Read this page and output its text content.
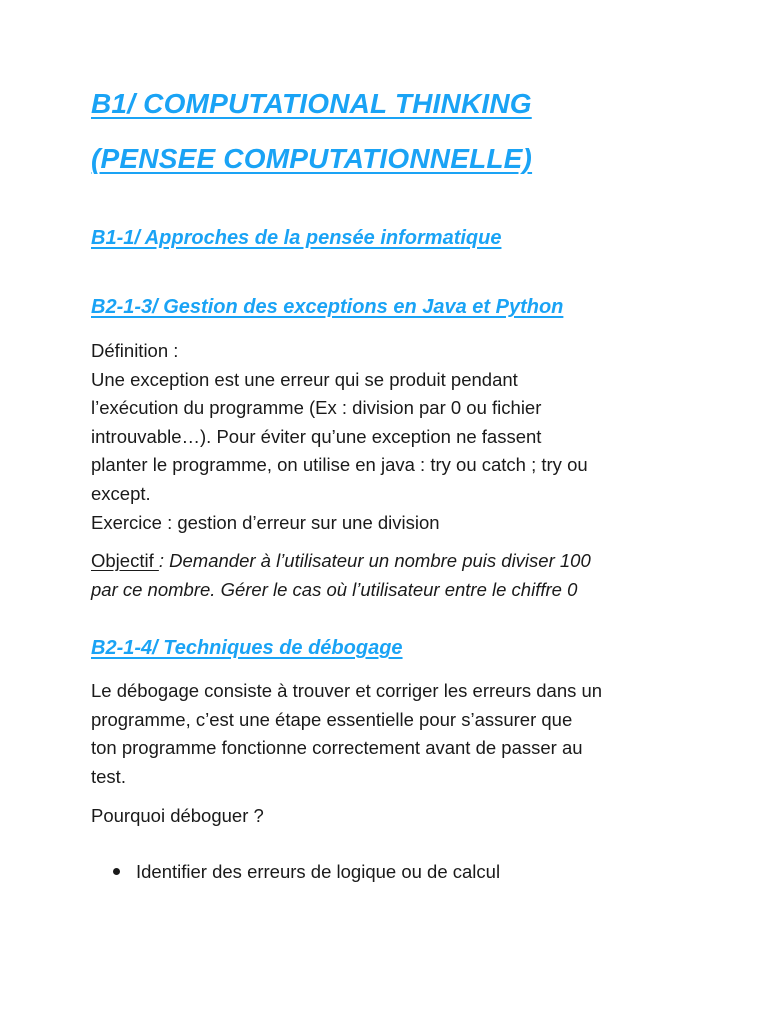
B1/ COMPUTATIONAL THINKING
(PENSEE COMPUTATIONNELLE)
B1-1/ Approches de la pensée informatique
B2-1-3/ Gestion des exceptions en Java et Python
Définition :
Une exception est une erreur qui se produit pendant
l’exécution du programme (Ex : division par 0 ou fichier
introuvable…). Pour éviter qu’une exception ne fassent
planter le programme, on utilise en java : try ou catch ; try ou
except.
Exercice : gestion d’erreur sur une division
Objectif : Demander à l’utilisateur un nombre puis diviser 100
par ce nombre. Gérer le cas où l’utilisateur entre le chiffre 0
B2-1-4/ Techniques de débogage
Le débogage consiste à trouver et corriger les erreurs dans un
programme, c’est une étape essentielle pour s’assurer que
ton programme fonctionne correctement avant de passer au
test.
Pourquoi déboguer ?
Identifier des erreurs de logique ou de calcul
